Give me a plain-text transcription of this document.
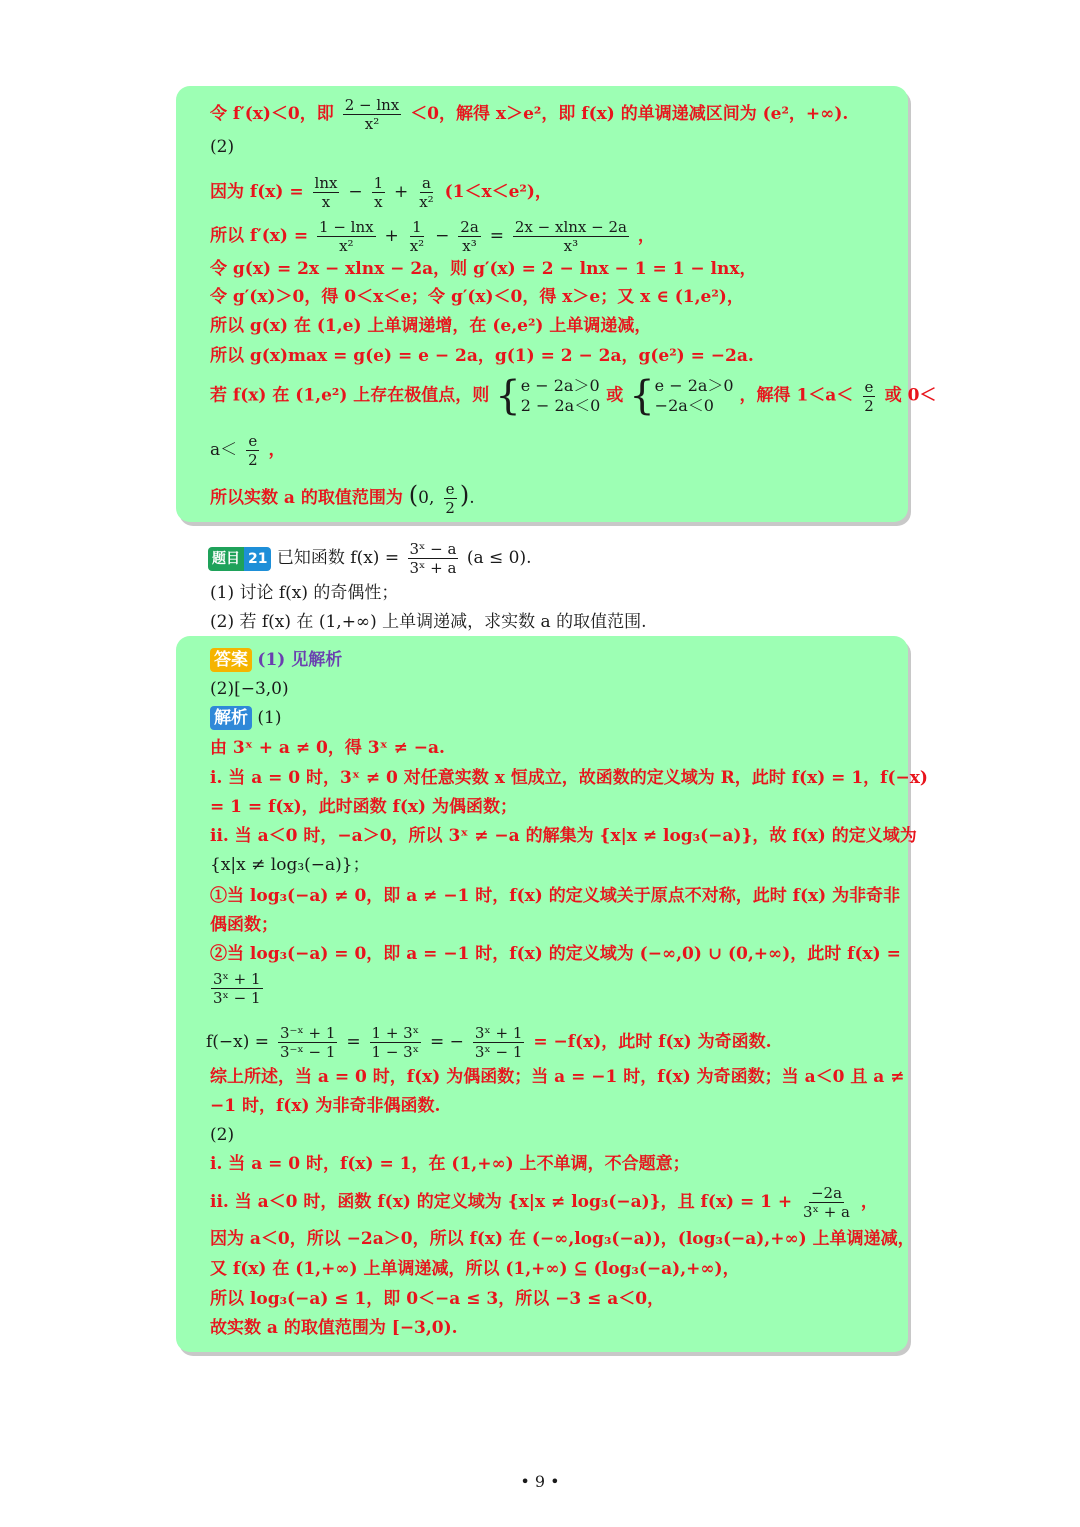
令 f′(x)＜0，即 $\frac{2 - \ln x}{\text{x²}} <0$，解得 x＞e²，即 f(x) 的单调递减区间为 (e²，+∞).
(2)
因为 $f(x) = \frac{\ln x}{x} - \frac{1}{x} + \frac{a}{\text{x²}} (1<x<e^2)$，
所以 $f'(x) = \frac{1 - \ln x}{\text{x²}} + \frac{1}{\text{x²}} - \frac{2a}{\text{x³}} = \frac{2x - xlnx - 2a}{\text{x³}}$ ，
令 g(x) = 2x − xlnx − 2a，则 g′(x) = 2 − lnx − 1 = 1 − lnx，
令 g′(x)＞0，得 0＜x＜e；令 g′(x)＜0，得 x＞e；又 x ∈ (1,e²)，
所以 g(x) 在 (1,e) 上单调递增，在 (e,e²) 上单调递减，
所以 g(x)max = g(e) = e − 2a，g(1) = 2 − 2a，g(e²) = −2a.
若 f(x) 在 (1,e²) 上存在极值点，则 { e − 2a＞0
2 − 2a＜0 或 { e − 2a＞0
−2a＜0	，解得 $1<a< \frac{e}{2}$ 或 0＜
$a< \frac{e}{2}$ ，
所以实数 a 的取值范围为 (0, $\frac{e}{2}$ ).
题目 21 已知函数 $f(x) = \frac{\text{3ˣ − a}}{\text{3ˣ + a}} (a \le 0)$.
(1) 讨论 f(x) 的奇偶性；
(2) 若 f(x) 在 (1,+∞) 上单调递减，求实数 a 的取值范围.
答案 (1) 见解析
(2)[−3,0)
解析 (1)
由 3ˣ + a ≠ 0，得 3ˣ ≠ −a.
i. 当 a = 0 时，3ˣ ≠ 0 对任意实数 x 恒成立，故函数的定义域为 R，此时 f(x) = 1，f(−x)
= 1 = f(x)，此时函数 f(x) 为偶函数；
ii. 当 a＜0 时，−a＞0，所以 3ˣ ≠ −a 的解集为 {x|x ≠ log₃(−a)}，故 f(x) 的定义域为
{x|x ≠ log₃(−a)}；
①当 log₃(−a) ≠ 0，即 a ≠ −1 时，f(x) 的定义域关于原点不对称，此时 f(x) 为非奇非
偶函数；
②当 log₃(−a) = 0，即 a = −1 时，f(x) 的定义域为 (−∞,0) ∪ (0,+∞)，此时 f(x) =
$\frac{\text{3ˣ + 1}}{\text{3ˣ − 1}}$
$f(-x) = \frac{\text{3⁻ˣ + 1}}{\text{3⁻ˣ − 1}} = \frac{\text{1 + 3ˣ}}{\text{1 − 3ˣ}}$ = − $\frac{\text{3ˣ + 1}}{\text{3ˣ − 1}} = -f(x)$，此时 f(x) 为奇函数.
综上所述，当 a = 0 时，f(x) 为偶函数；当 a = −1 时，f(x) 为奇函数；当 a＜0 且 a ≠
−1 时，f(x) 为非奇非偶函数.
(2)
i. 当 a = 0 时，f(x) = 1，在 (1,+∞) 上不单调，不合题意；
ii. 当 a＜0 时，函数 f(x) 的定义域为 {x|x ≠ log₃(−a)}，且 $f(x) = 1 + \frac{-2a}{\text{3ˣ + a}}$ ，
因为 a＜0，所以 −2a＞0，所以 f(x) 在 (−∞,log₃(−a))，(log₃(−a),+∞) 上单调递减，
又 f(x) 在 (1,+∞) 上单调递减，所以 (1,+∞) ⊆ (log₃(−a),+∞)，
所以 log₃(−a) ≤ 1，即 0＜−a ≤ 3，所以 −3 ≤ a＜0，
故实数 a 的取值范围为 [−3,0).
• 9 •
